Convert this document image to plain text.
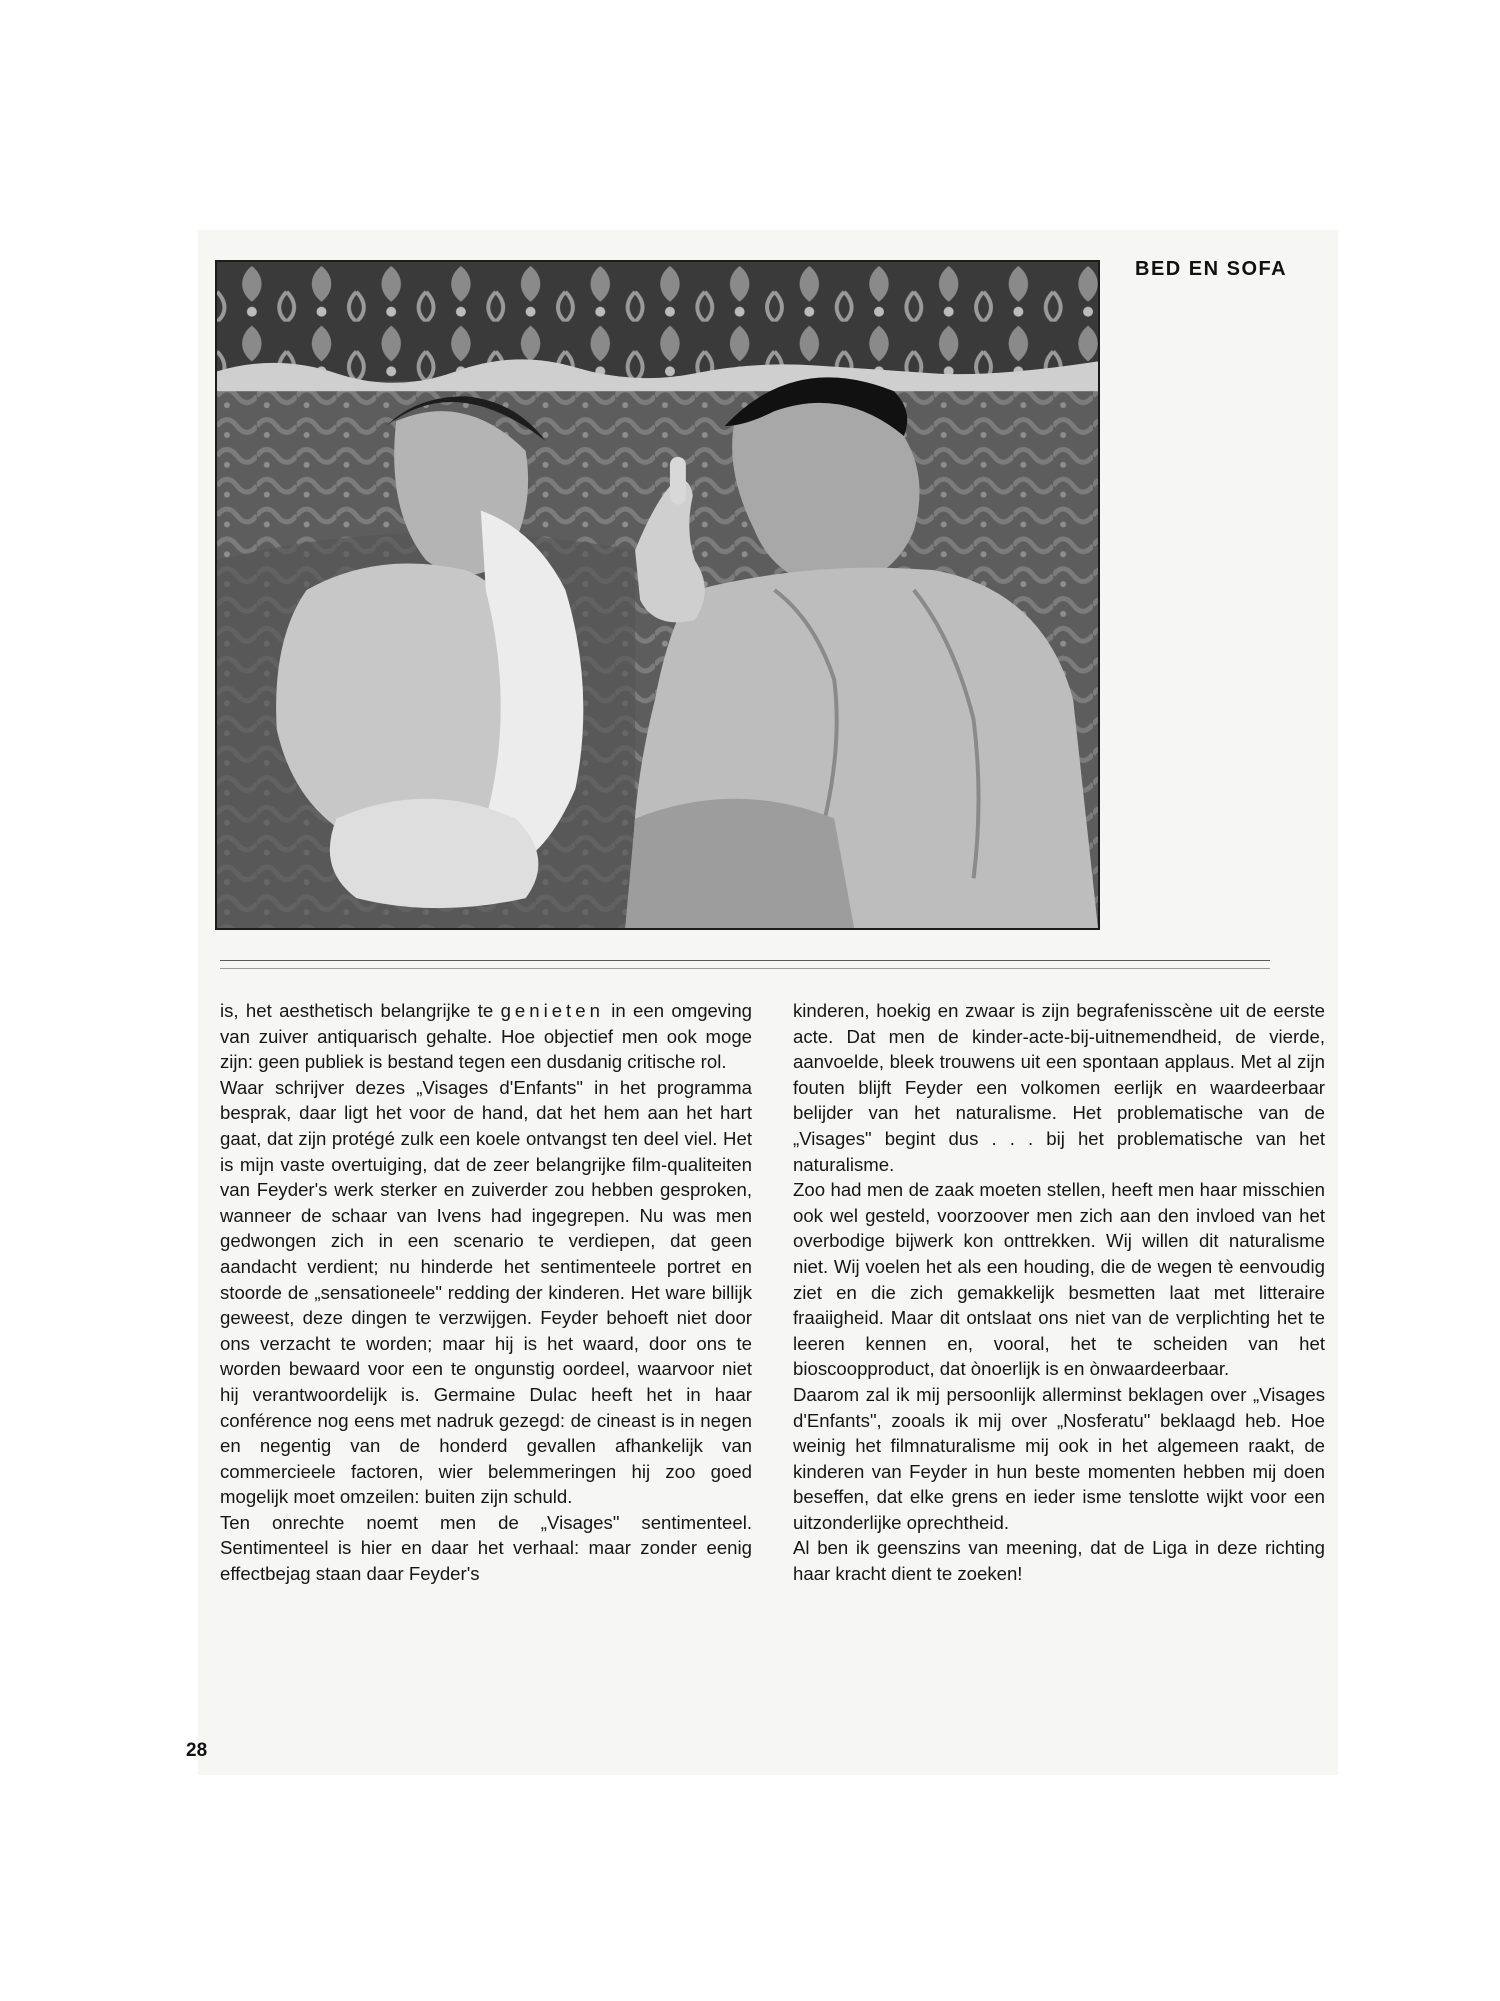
BED EN SOFA

is, het aesthetisch belangrijke te genieten in een omgeving van zuiver antiquarisch gehalte. Hoe objectief men ook moge zijn: geen publiek is bestand tegen een dusdanig critische rol.

Waar schrijver dezes „Visages d'Enfants" in het programma besprak, daar ligt het voor de hand, dat het hem aan het hart gaat, dat zijn protégé zulk een koele ontvangst ten deel viel. Het is mijn vaste overtuiging, dat de zeer belangrijke film-qualiteiten van Feyder's werk sterker en zuiverder zou hebben gesproken, wanneer de schaar van Ivens had ingegrepen. Nu was men gedwongen zich in een scenario te verdiepen, dat geen aandacht verdient; nu hinderde het sentimenteele portret en stoorde de „sensationeele" redding der kinderen. Het ware billijk geweest, deze dingen te verzwijgen. Feyder behoeft niet door ons verzacht te worden; maar hij is het waard, door ons te worden bewaard voor een te ongunstig oordeel, waarvoor niet hij verantwoordelijk is. Germaine Dulac heeft het in haar conférence nog eens met nadruk gezegd: de cineast is in negen en negentig van de honderd gevallen afhankelijk van commercieele factoren, wier belemmeringen hij zoo goed mogelijk moet omzeilen: buiten zijn schuld.

Ten onrechte noemt men de „Visages" sentimenteel. Sentimenteel is hier en daar het verhaal: maar zonder eenig effectbejag staan daar Feyder's

kinderen, hoekig en zwaar is zijn begrafenisscène uit de eerste acte. Dat men de kinder-acte-bij-uitnemendheid, de vierde, aanvoelde, bleek trouwens uit een spontaan applaus. Met al zijn fouten blijft Feyder een volkomen eerlijk en waardeerbaar belijder van het naturalisme. Het problematische van de „Visages" begint dus . . . bij het problematische van het naturalisme.

Zoo had men de zaak moeten stellen, heeft men haar misschien ook wel gesteld, voorzoover men zich aan den invloed van het overbodige bijwerk kon onttrekken. Wij willen dit naturalisme niet. Wij voelen het als een houding, die de wegen tè eenvoudig ziet en die zich gemakkelijk besmetten laat met litteraire fraaiigheid. Maar dit ontslaat ons niet van de verplichting het te leeren kennen en, vooral, het te scheiden van het bioscoopproduct, dat ònoerlijk is en ònwaardeerbaar.

Daarom zal ik mij persoonlijk allerminst beklagen over „Visages d'Enfants", zooals ik mij over „Nosferatu" beklaagd heb. Hoe weinig het filmnaturalisme mij ook in het algemeen raakt, de kinderen van Feyder in hun beste momenten hebben mij doen beseffen, dat elke grens en ieder isme tenslotte wijkt voor een uitzonderlijke oprechtheid.

Al ben ik geenszins van meening, dat de Liga in deze richting haar kracht dient te zoeken!

28
